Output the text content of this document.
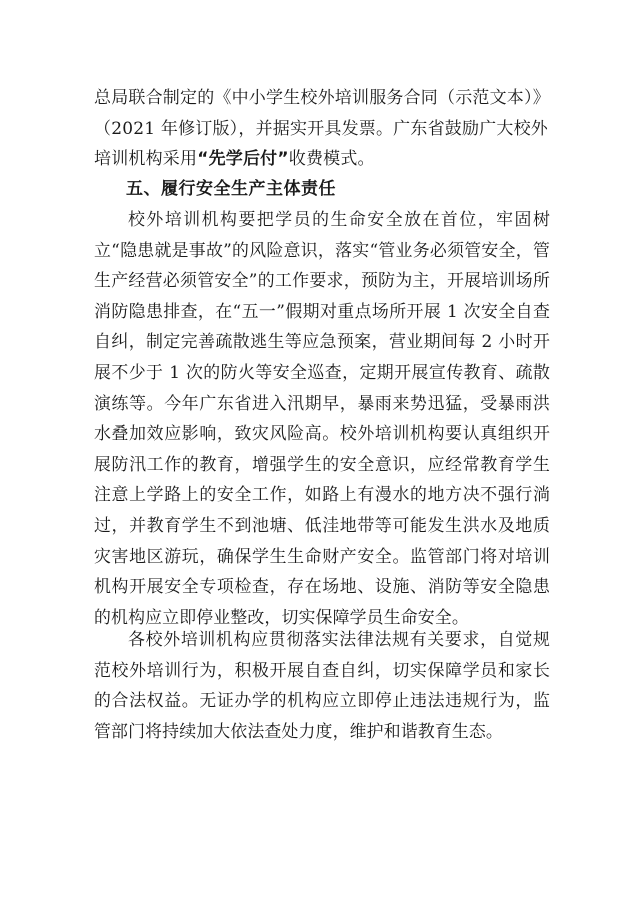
总局联合制定的《中小学生校外培训服务合同（示范文本）》
（2021 年修订版），并据实开具发票。广东省鼓励广大校外
培训机构采用“先学后付”收费模式。
五、履行安全生产主体责任

校外培训机构要把学员的生命安全放在首位，牢固树立“隐患就是事故”的风险意识，落实“管业务必须管安全，管生产经营必须管安全”的工作要求，预防为主，开展培训场所消防隐患排查，在“五一”假期对重点场所开展 1 次安全自查自纠，制定完善疏散逃生等应急预案，营业期间每 2 小时开展不少于 1 次的防火等安全巡查，定期开展宣传教育、疏散演练等。今年广东省进入汛期早，暴雨来势迅猛，受暴雨洪水叠加效应影响，致灾风险高。校外培训机构要认真组织开展防汛工作的教育，增强学生的安全意识，应经常教育学生注意上学路上的安全工作，如路上有漫水的地方决不强行淌过，并教育学生不到池塘、低洼地带等可能发生洪水及地质灾害地区游玩，确保学生生命财产安全。监管部门将对培训机构开展安全专项检查，存在场地、设施、消防等安全隐患的机构应立即停业整改，切实保障学员生命安全。

各校外培训机构应贯彻落实法律法规有关要求，自觉规范校外培训行为，积极开展自查自纠，切实保障学员和家长的合法权益。无证办学的机构应立即停止违法违规行为，监管部门将持续加大依法查处力度，维护和谐教育生态。
